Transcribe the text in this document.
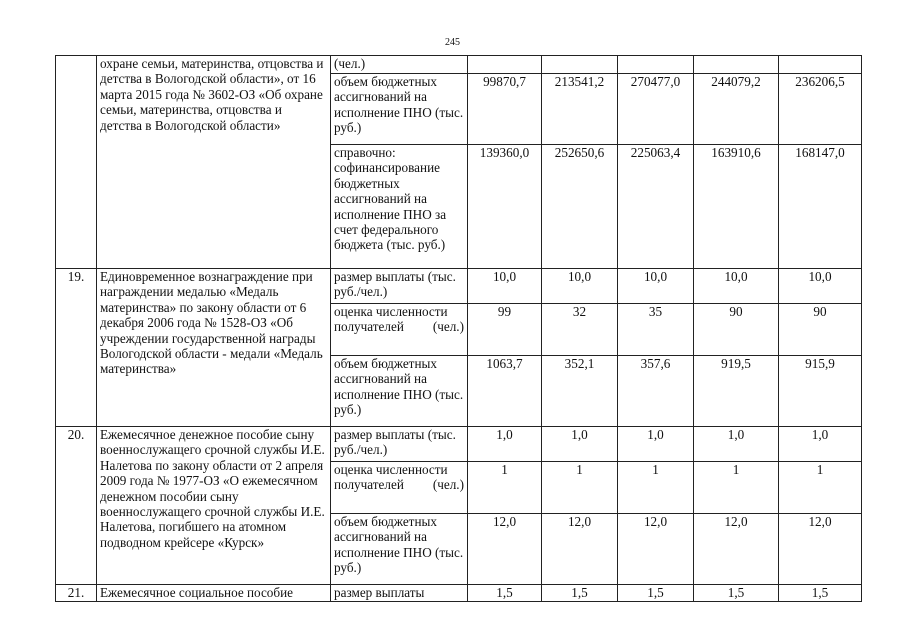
245
	охране семьи, материнства, отцовства и детства в Вологодской области», от 16 марта 2015 года № 3602-ОЗ «Об охране семьи, материнства, отцовства и детства в Вологодской области»	(чел.)					
		объем бюджетных ассигнований на исполнение ПНО (тыс. руб.)	99870,7	213541,2	270477,0	244079,2	236206,5
		справочно: софинансирование бюджетных ассигнований на исполнение ПНО за счет федерального бюджета (тыс. руб.)	139360,0	252650,6	225063,4	163910,6	168147,0
19.	Единовременное вознаграждение при награждении медалью «Медаль материнства» по закону области от 6 декабря 2006 года № 1528-ОЗ «Об учреждении государственной награды Вологодской области - медали «Медаль материнства»	размер выплаты (тыс. руб./чел.)	10,0	10,0	10,0	10,0	10,0
		оценка численности получателей (чел.)	99	32	35	90	90
		объем бюджетных ассигнований на исполнение ПНО (тыс. руб.)	1063,7	352,1	357,6	919,5	915,9
20.	Ежемесячное денежное пособие сыну военнослужащего срочной службы И.Е. Налетова по закону области от 2 апреля 2009 года № 1977-ОЗ «О ежемесячном денежном пособии сыну военнослужащего срочной службы И.Е. Налетова, погибшего на атомном подводном крейсере «Курск»	размер выплаты (тыс. руб./чел.)	1,0	1,0	1,0	1,0	1,0
		оценка численности получателей (чел.)	1	1	1	1	1
		объем бюджетных ассигнований на исполнение ПНО (тыс. руб.)	12,0	12,0	12,0	12,0	12,0
21.	Ежемесячное социальное пособие	размер выплаты	1,5	1,5	1,5	1,5	1,5
